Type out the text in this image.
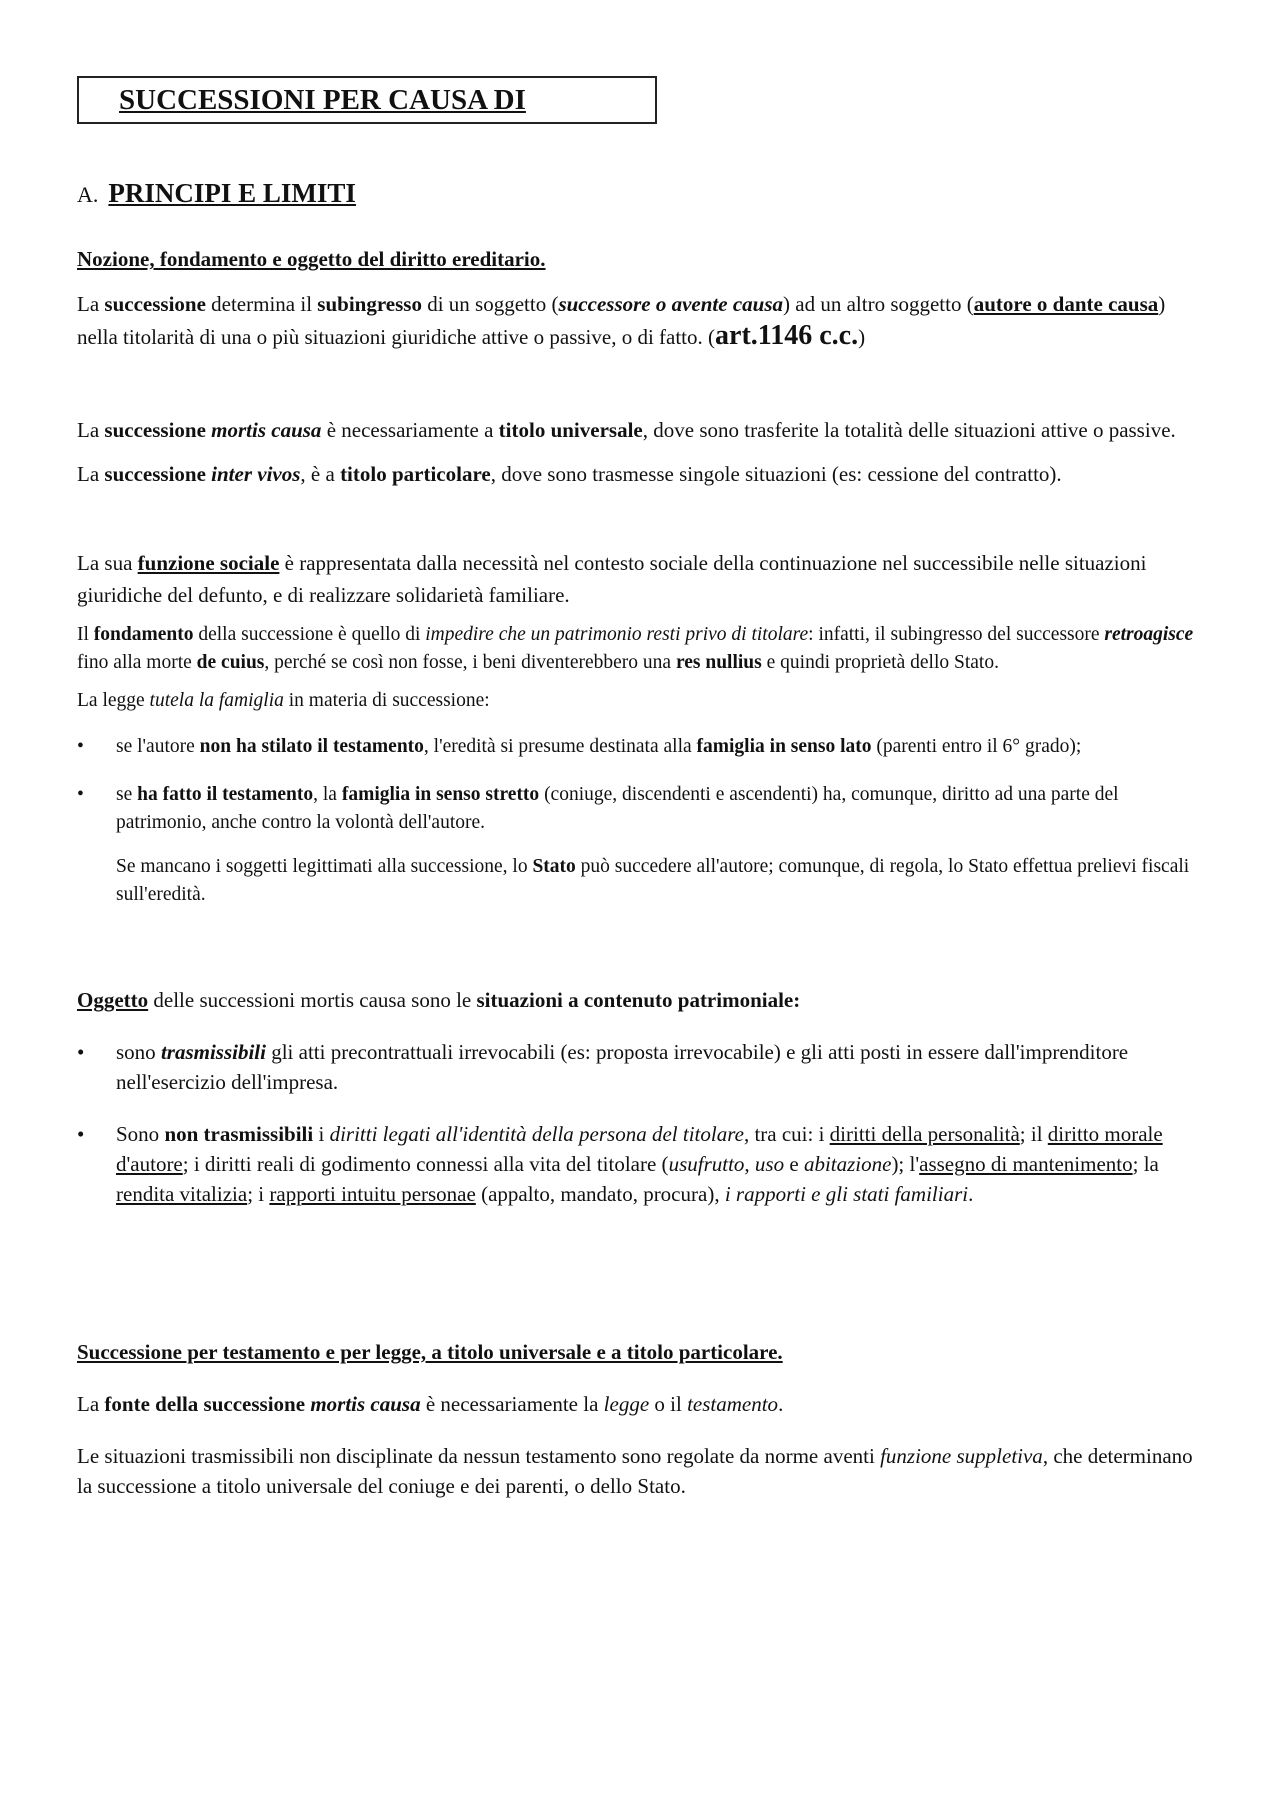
SUCCESSIONI PER CAUSA DI
A. PRINCIPI E LIMITI

Nozione, fondamento e oggetto del diritto ereditario.

La successione determina il subingresso di un soggetto (successore o avente causa) ad un altro soggetto (autore o dante causa) nella titolarità di una o più situazioni giuridiche attive o passive, o di fatto. (art.1146 c.c.)

La successione mortis causa è necessariamente a titolo universale, dove sono trasferite la totalità delle situazioni attive o passive.

La successione inter vivos, è a titolo particolare, dove sono trasmesse singole situazioni (es: cessione del contratto).

La sua funzione sociale è rappresentata dalla necessità nel contesto sociale della continuazione nel successibile nelle situazioni giuridiche del defunto, e di realizzare solidarietà familiare.

Il fondamento della successione è quello di impedire che un patrimonio resti privo di titolare: infatti, il subingresso del successore retroagisce fino alla morte de cuius, perché se così non fosse, i beni diventerebbero una res nullius e quindi proprietà dello Stato.

La legge tutela la famiglia in materia di successione:

• se l'autore non ha stilato il testamento, l'eredità si presume destinata alla famiglia in senso lato (parenti entro il 6° grado);
• se ha fatto il testamento, la famiglia in senso stretto (coniuge, discendenti e ascendenti) ha, comunque, diritto ad una parte del patrimonio, anche contro la volontà dell'autore.

Se mancano i soggetti legittimati alla successione, lo Stato può succedere all'autore; comunque, di regola, lo Stato effettua prelievi fiscali sull'eredità.

Oggetto delle successioni mortis causa sono le situazioni a contenuto patrimoniale:

• sono trasmissibili gli atti precontrattuali irrevocabili (es: proposta irrevocabile) e gli atti posti in essere dall'imprenditore nell'esercizio dell'impresa.
• Sono non trasmissibili i diritti legati all'identità della persona del titolare, tra cui: i diritti della personalità; il diritto morale d'autore; i diritti reali di godimento connessi alla vita del titolare (usufrutto, uso e abitazione); l'assegno di mantenimento; la rendita vitalizia; i rapporti intuitu personae (appalto, mandato, procura), i rapporti e gli stati familiari.

Successione per testamento e per legge, a titolo universale e a titolo particolare.

La fonte della successione mortis causa è necessariamente la legge o il testamento.

Le situazioni trasmissibili non disciplinate da nessun testamento sono regolate da norme aventi funzione suppletiva, che determinano la successione a titolo universale del coniuge e dei parenti, o dello Stato.
